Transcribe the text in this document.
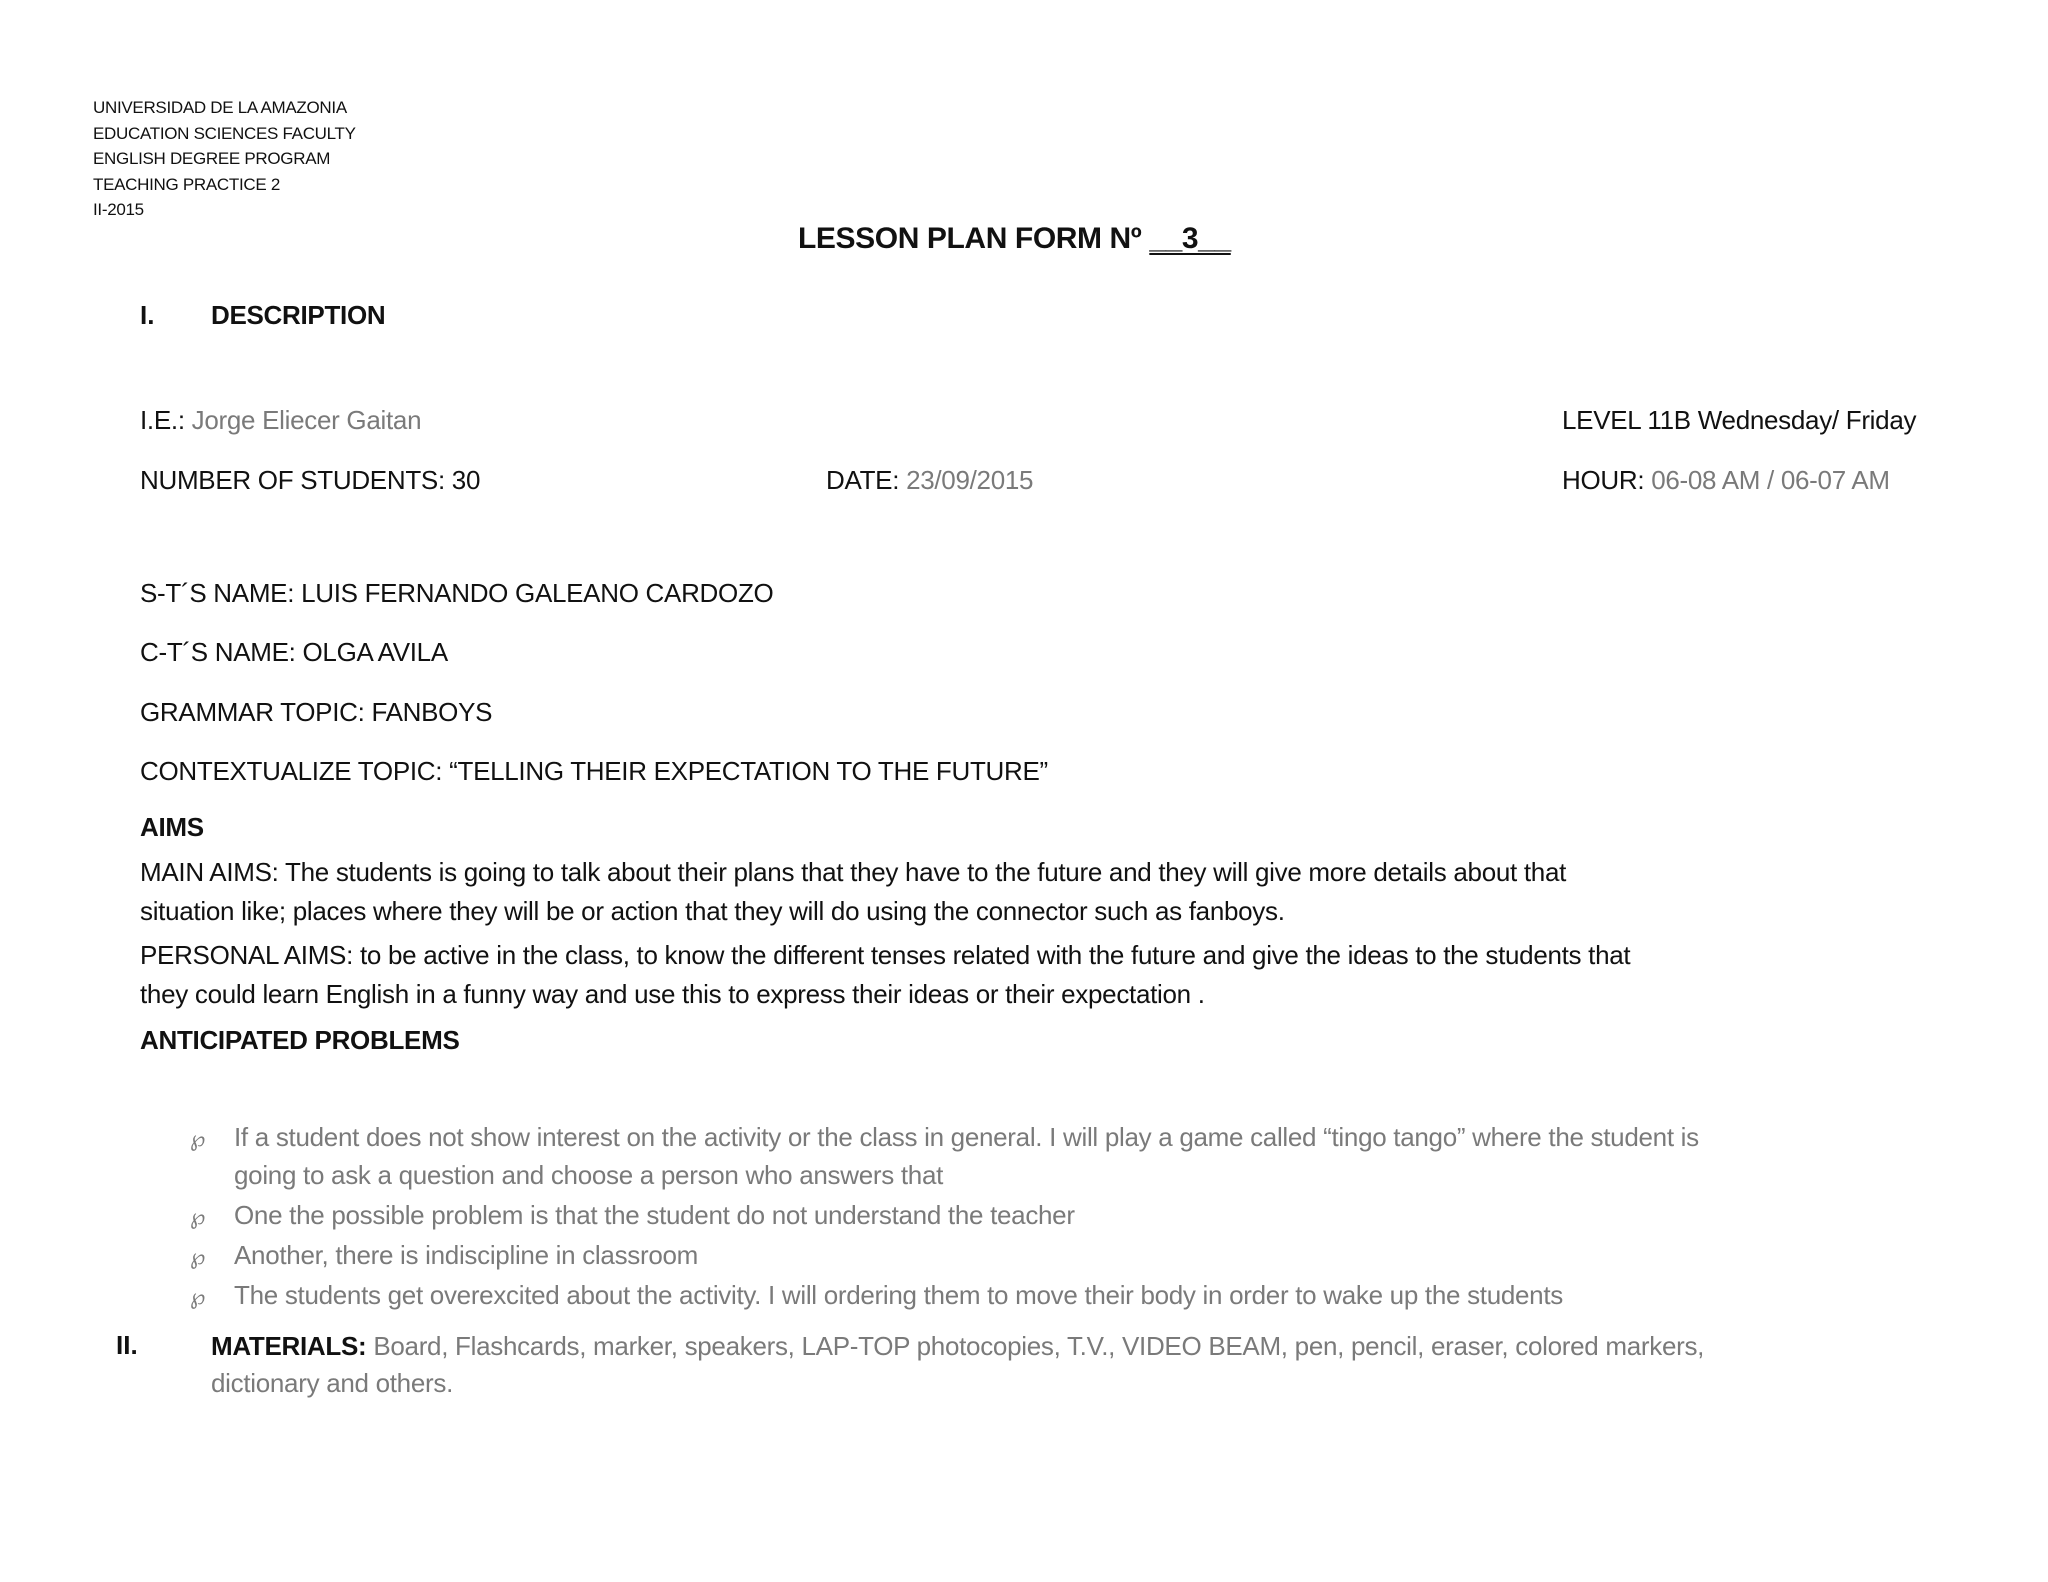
UNIVERSIDAD DE LA AMAZONIA
EDUCATION SCIENCES FACULTY
ENGLISH DEGREE PROGRAM
TEACHING PRACTICE 2
II-2015
LESSON PLAN FORM Nº __3__
I. DESCRIPTION
I.E.: Jorge Eliecer Gaitan	LEVEL 11B Wednesday/ Friday
NUMBER OF STUDENTS: 30	DATE: 23/09/2015	HOUR: 06-08 AM / 06-07 AM
S-T´S NAME: LUIS FERNANDO GALEANO CARDOZO
C-T´S NAME: OLGA AVILA
GRAMMAR TOPIC: FANBOYS
CONTEXTUALIZE TOPIC: “TELLING THEIR EXPECTATION TO THE FUTURE”
AIMS
MAIN AIMS: The students is going to talk about their plans that they have to the future and they will give more details about that
situation like; places where they will be or action that they will do using the connector such as fanboys.
PERSONAL AIMS: to be active in the class, to know the different tenses related with the future and give the ideas to the students that
they could learn English in a funny way and use this to express their ideas or their expectation .
ANTICIPATED PROBLEMS
℘ If a student does not show interest on the activity or the class in general. I will play a game called “tingo tango” where the student is
going to ask a question and choose a person who answers that
℘ One the possible problem is that the student do not understand the teacher
℘ Another, there is indiscipline in classroom
℘ The students get overexcited about the activity. I will ordering them to move their body in order to wake up the students
II.	MATERIALS: Board, Flashcards, marker, speakers, LAP-TOP photocopies, T.V., VIDEO BEAM, pen, pencil, eraser, colored markers,
dictionary and others.
